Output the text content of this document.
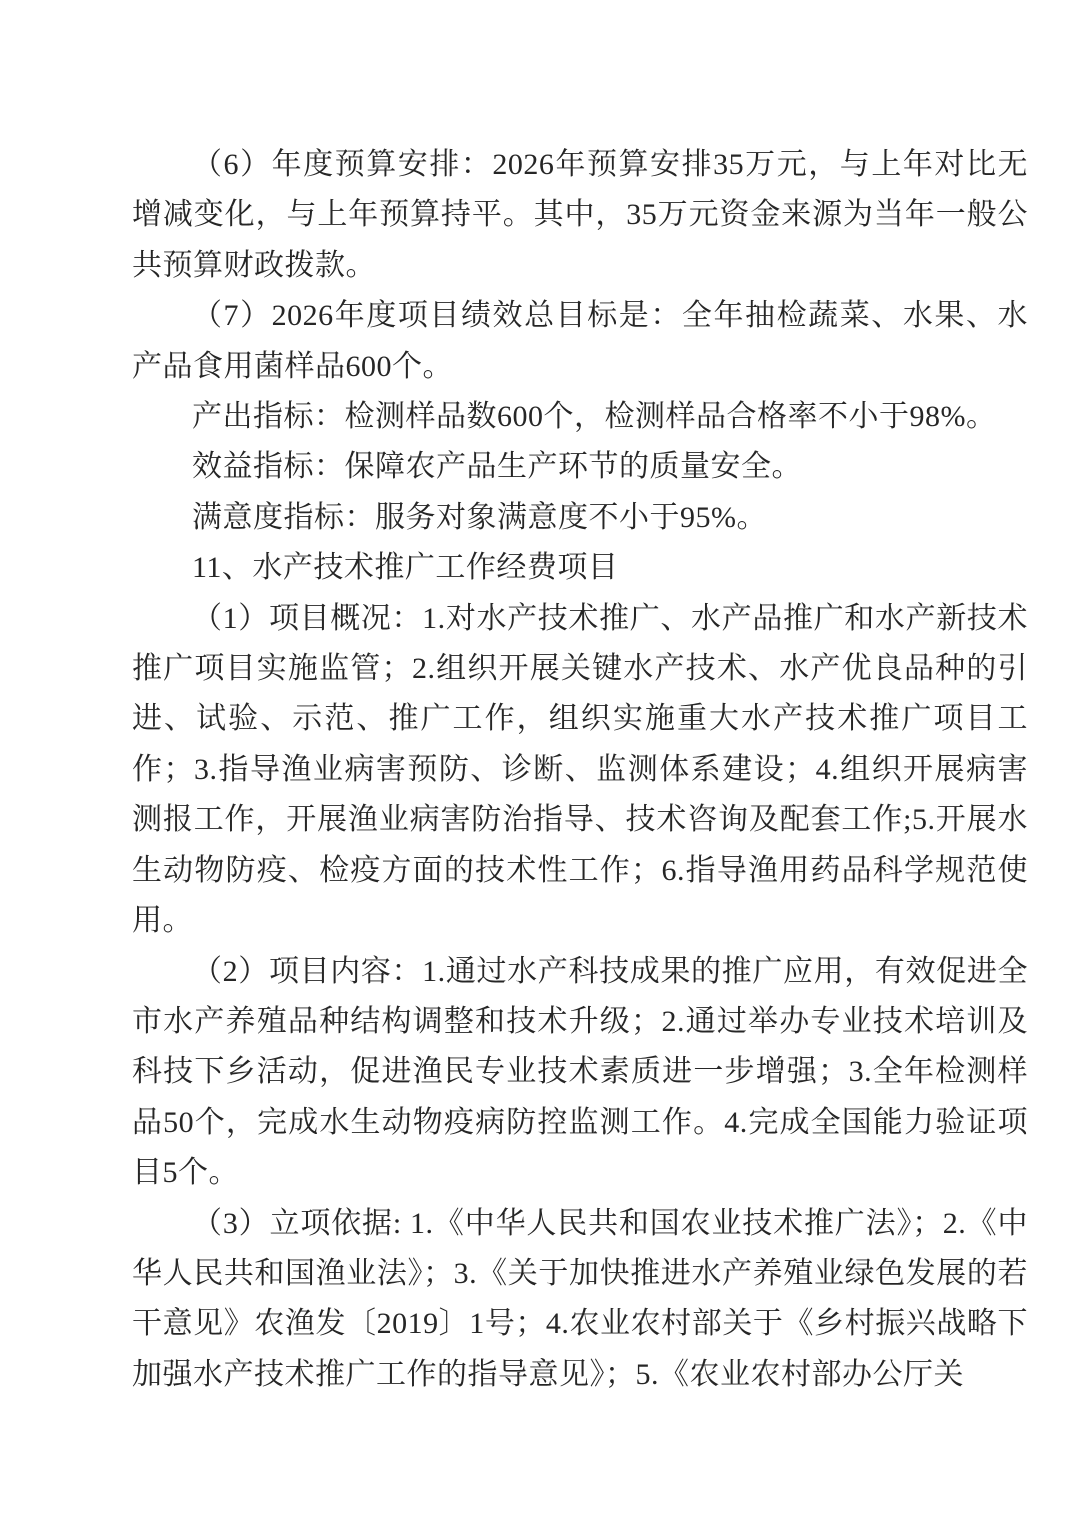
（6）年度预算安排：2026年预算安排35万元，与上年对比无增减变化，与上年预算持平。其中，35万元资金来源为当年一般公共预算财政拨款。

（7）2026年度项目绩效总目标是：全年抽检蔬菜、水果、水产品食用菌样品600个。

产出指标：检测样品数600个，检测样品合格率不小于98%。

效益指标：保障农产品生产环节的质量安全。

满意度指标：服务对象满意度不小于95%。

11、水产技术推广工作经费项目

（1）项目概况：1.对水产技术推广、水产品推广和水产新技术推广项目实施监管；2.组织开展关键水产技术、水产优良品种的引进、试验、示范、推广工作，组织实施重大水产技术推广项目工作；3.指导渔业病害预防、诊断、监测体系建设；4.组织开展病害测报工作，开展渔业病害防治指导、技术咨询及配套工作;5.开展水生动物防疫、检疫方面的技术性工作；6.指导渔用药品科学规范使用。

（2）项目内容：1.通过水产科技成果的推广应用，有效促进全市水产养殖品种结构调整和技术升级；2.通过举办专业技术培训及科技下乡活动，促进渔民专业技术素质进一步增强；3.全年检测样品50个，完成水生动物疫病防控监测工作。4.完成全国能力验证项目5个。

（3）立项依据: 1.《中华人民共和国农业技术推广法》；2.《中华人民共和国渔业法》；3.《关于加快推进水产养殖业绿色发展的若干意见》农渔发〔2019〕1号；4.农业农村部关于《乡村振兴战略下加强水产技术推广工作的指导意见》；5.《农业农村部办公厅关
